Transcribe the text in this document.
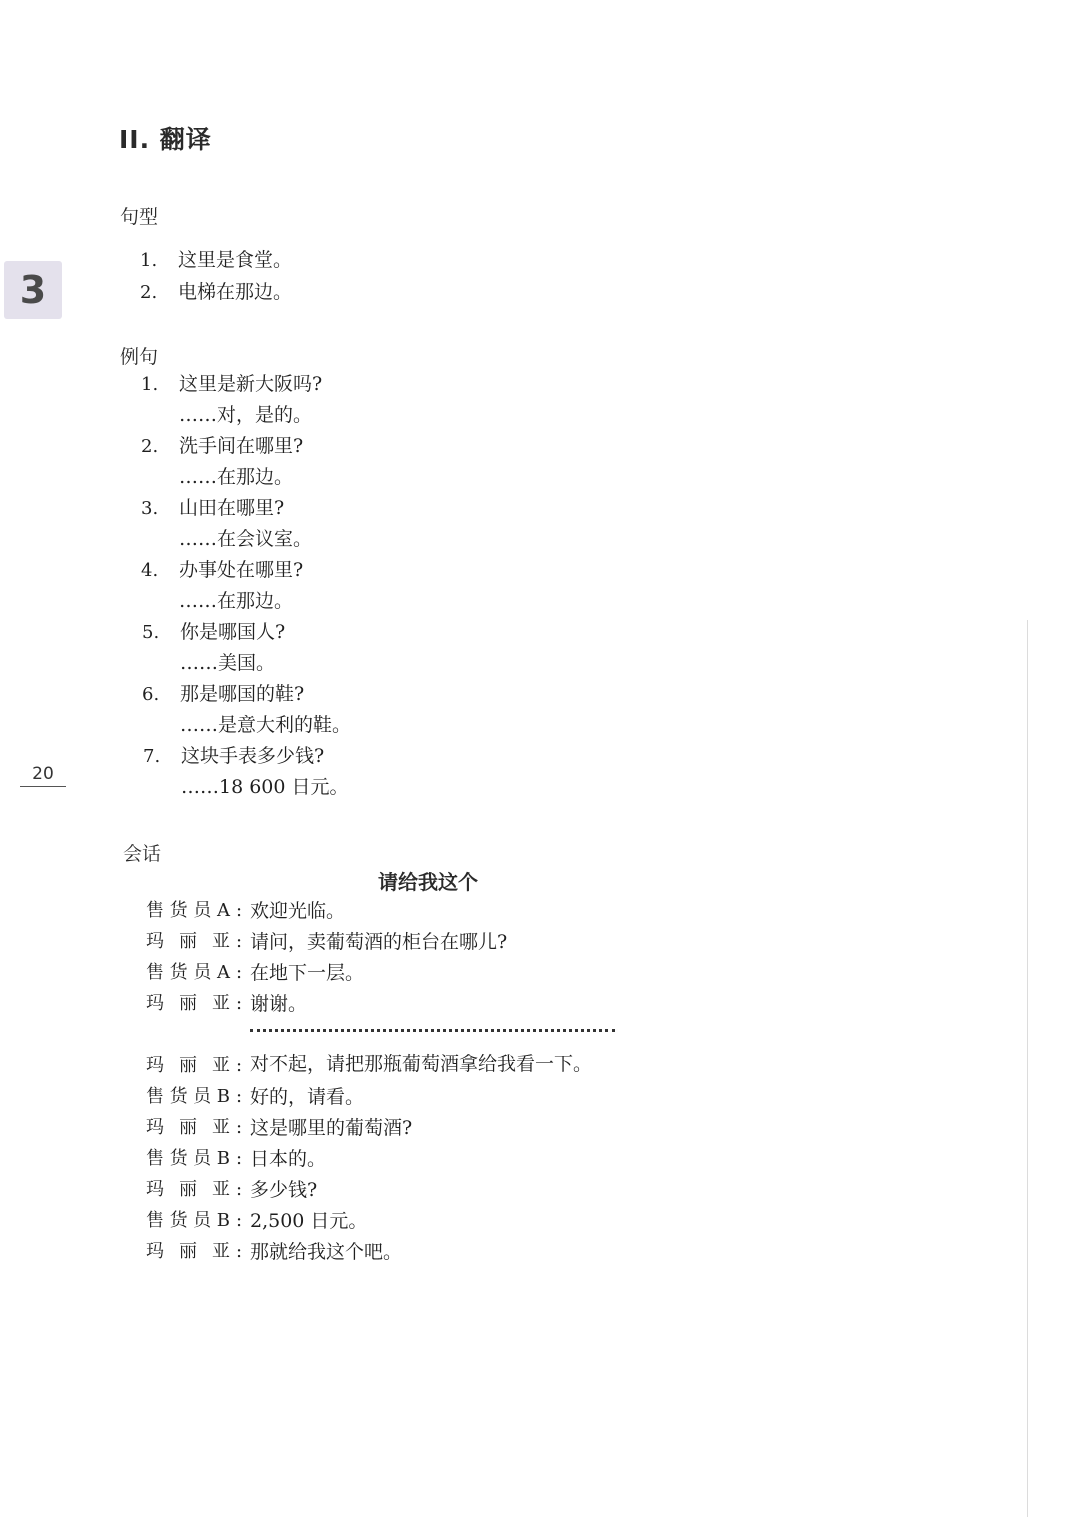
II. 翻译
3
20
句型
1. 这里是食堂。
2. 电梯在那边。
例句
1. 这里是新大阪吗?
……对，是的。
2. 洗手间在哪里?
……在那边。
3. 山田在哪里?
……在会议室。
4. 办事处在哪里?
……在那边。
5. 你是哪国人?
……美国。
6. 那是哪国的鞋?
……是意大利的鞋。
7. 这块手表多少钱?
……18 600 日元。
会话
请给我这个
售 货 员 A : 欢迎光临。
玛 丽 亚 : 请问，卖葡萄酒的柜台在哪儿?
售 货 员 A : 在地下一层。
玛 丽 亚 : 谢谢。
玛 丽 亚 : 对不起，请把那瓶葡萄酒拿给我看一下。
售 货 员 B : 好的，请看。
玛 丽 亚 : 这是哪里的葡萄酒?
售 货 员 B : 日本的。
玛 丽 亚 : 多少钱?
售 货 员 B : 2,500 日元。
玛 丽 亚 : 那就给我这个吧。
